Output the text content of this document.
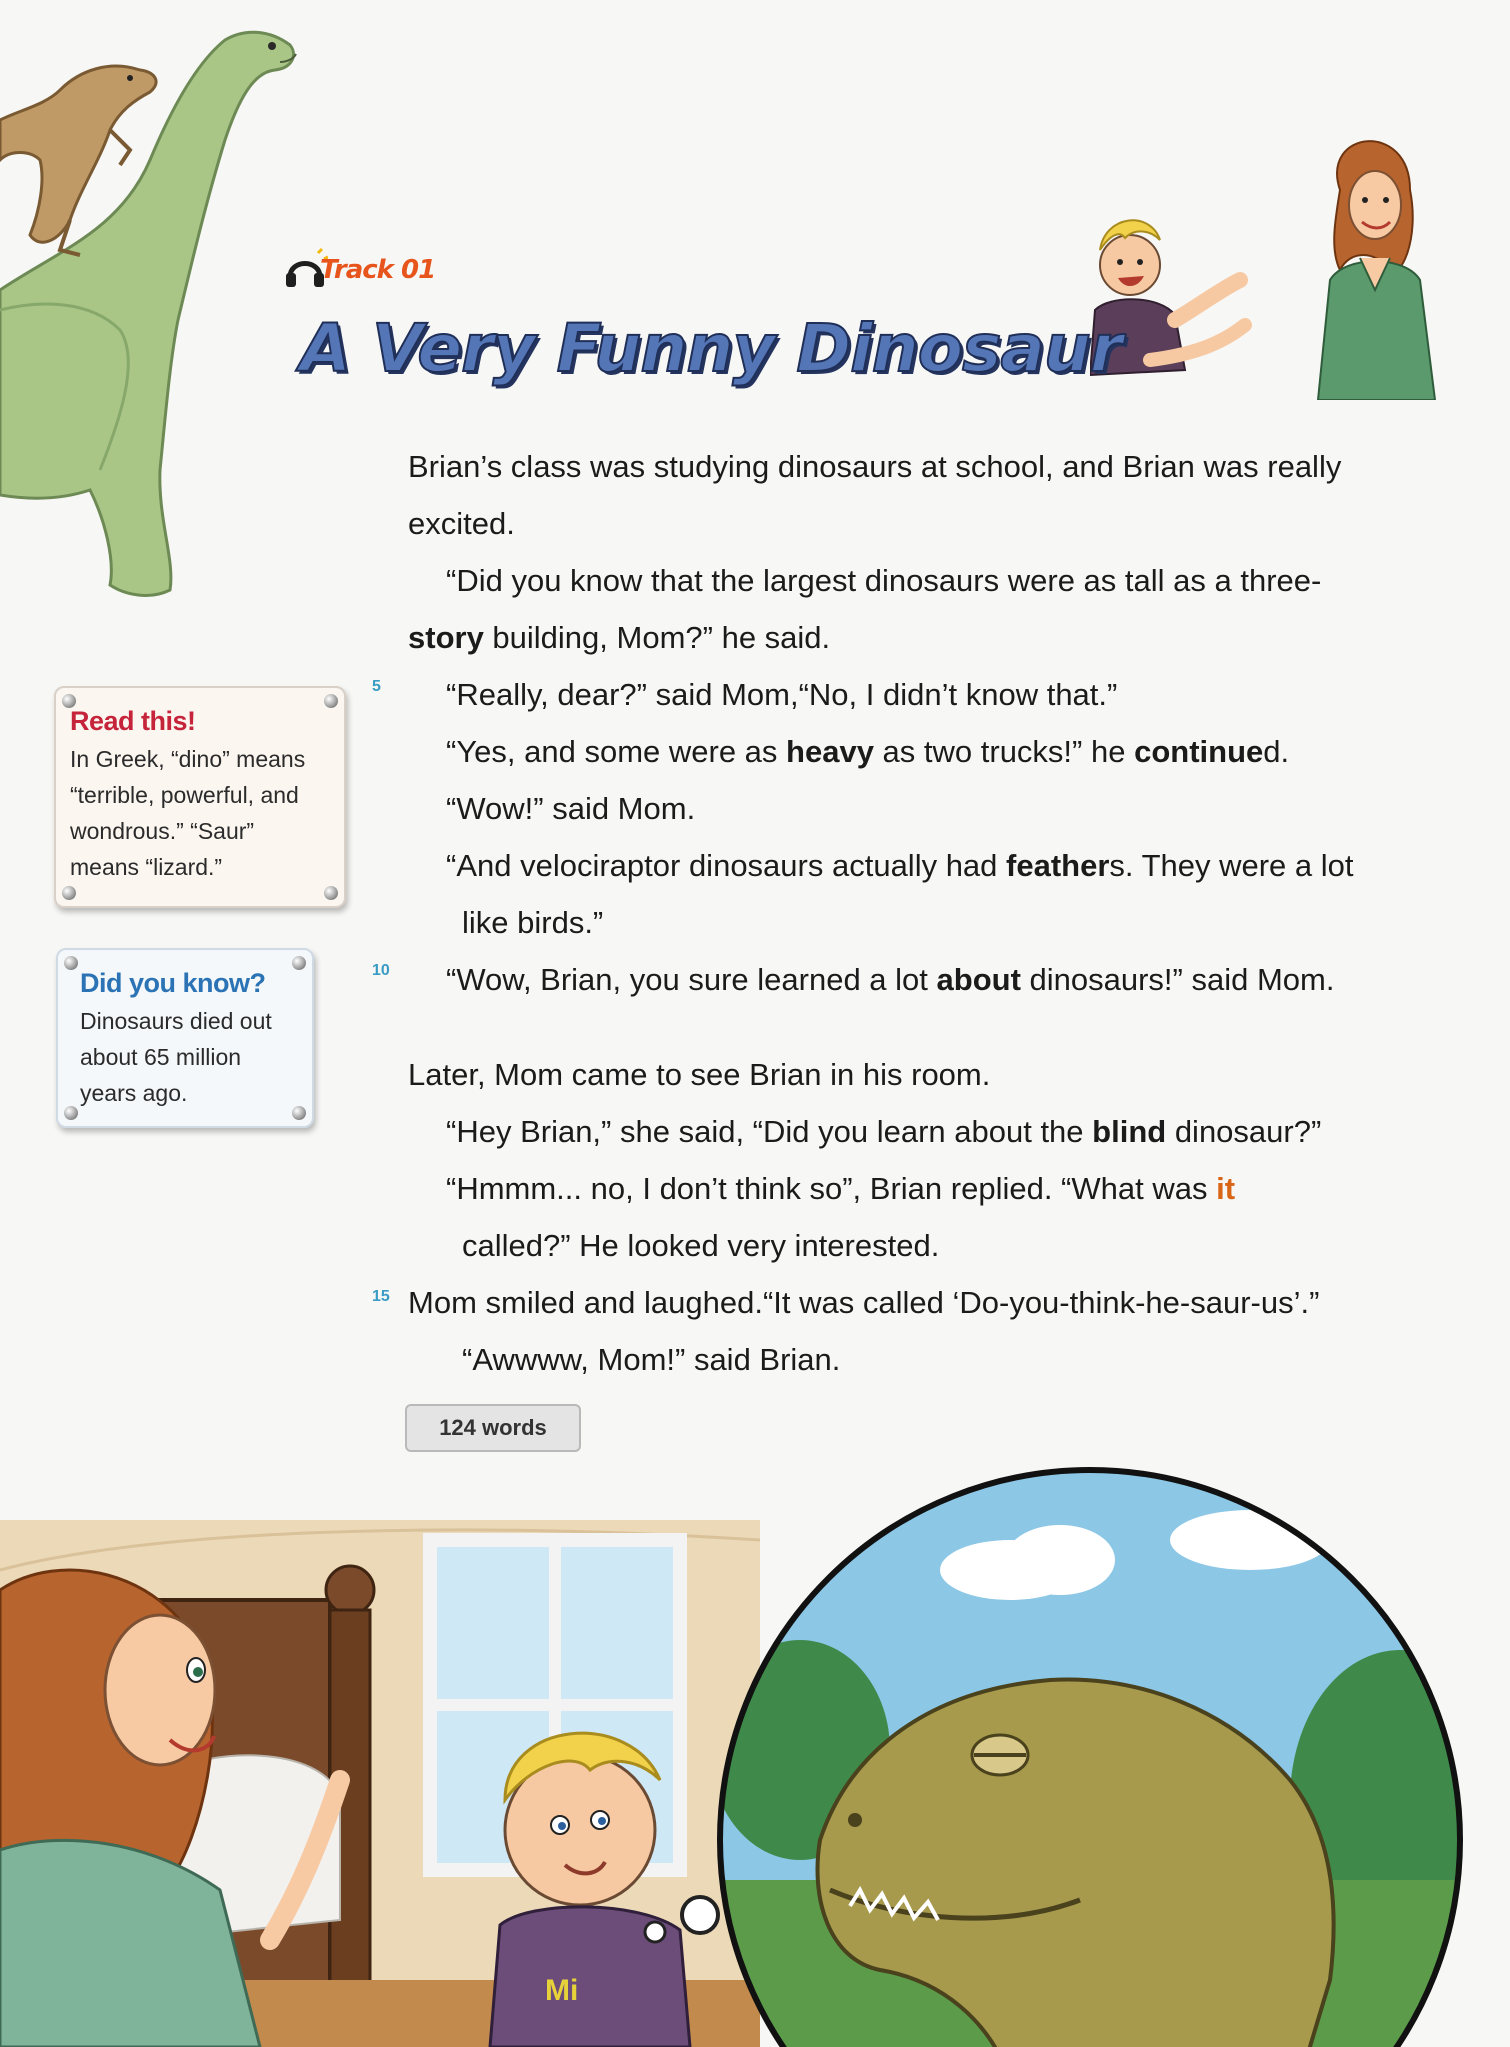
Track 01
A Very Funny Dinosaur

Read this!

In Greek, “dino” means

“terrible, powerful, and

wondrous.” “Saur”

means “lizard.”

Did you know?

Dinosaurs died out

about 65 million

years ago.

5
10
15

Brian’s class was studying dinosaurs at school, and Brian was really

excited.

“Did you know that the largest dinosaurs were as tall as a three-

story building, Mom?” he said.

“Really, dear?” said Mom,“No, I didn’t know that.”

“Yes, and some were as heavy as two trucks!” he continued.

“Wow!” said Mom.

“And velociraptor dinosaurs actually had feathers. They were a lot

like birds.”

“Wow, Brian, you sure learned a lot about dinosaurs!” said Mom.

Later, Mom came to see Brian in his room.

“Hey Brian,” she said, “Did you learn about the blind dinosaur?”

“Hmmm... no, I don’t think so”, Brian replied. “What was it

called?” He looked very interested.

Mom smiled and laughed.“It was called ‘Do-you-think-he-saur-us’.”

“Awwww, Mom!” said Brian.

124 words
Mi
